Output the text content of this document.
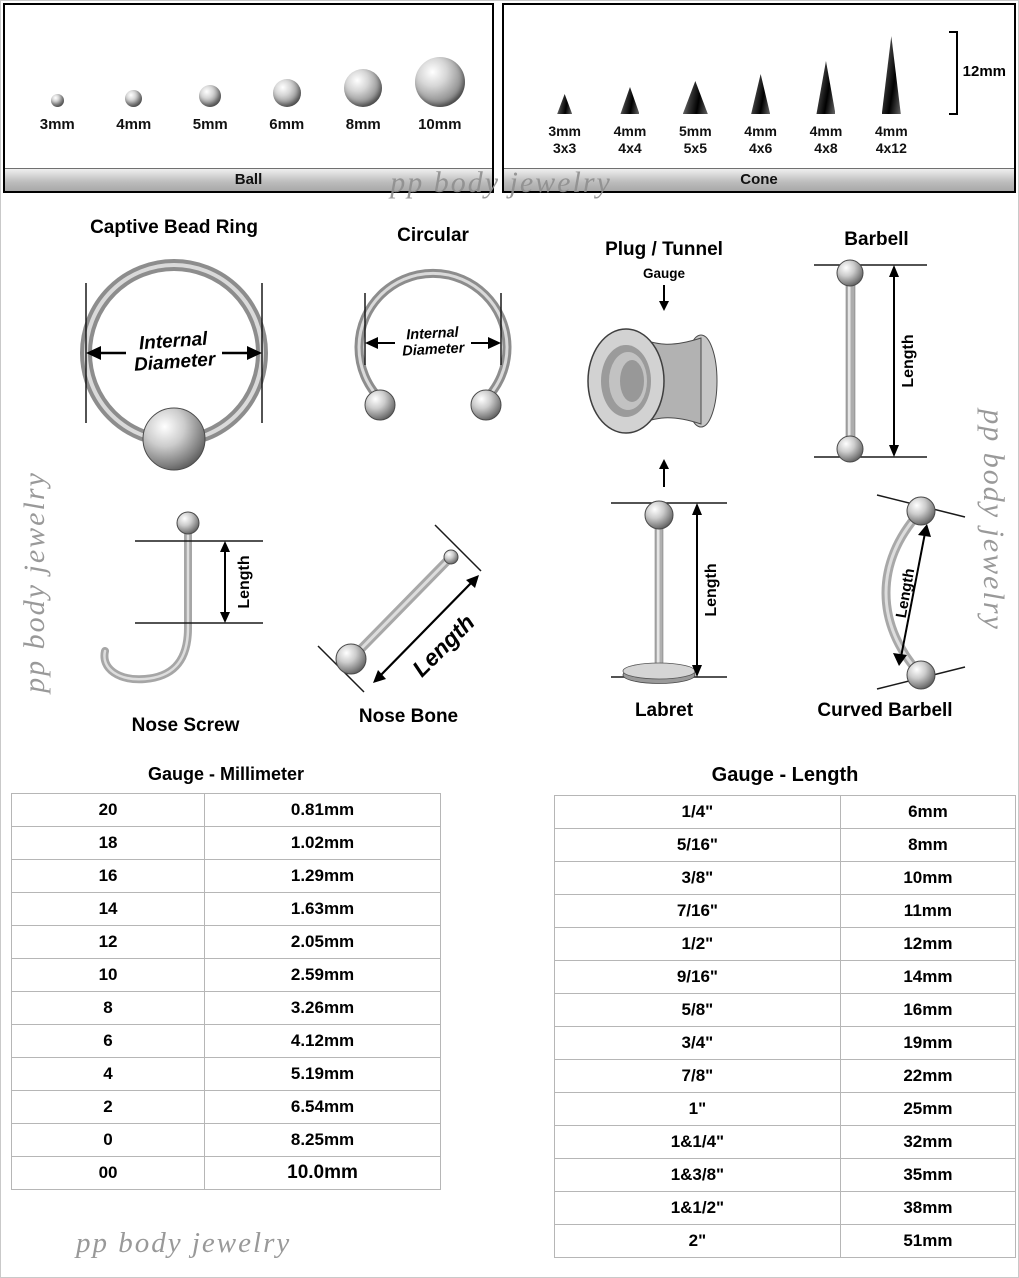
3mm	4mm	5mm	6mm	8mm 10mm
Ball
3mm
3x3
4mm
4x4
5mm
5x5
4mm
4x6
4mm
4x8
4mm
4x12
12mm
Cone
pp body jewelry
pp body jewelry	pp body jewelry
pp body jewelry
Captive Bead Ring
Internal
Diameter
Circular
Internal
Diameter
Plug / Tunnel
Gauge
Barbell
Length
Length
Nose Screw
Length
Nose Bone
Length
Labret
Length
Curved Barbell
Gauge - Millimeter
20	0.81mm
18	1.02mm
16	1.29mm
14	1.63mm
12	2.05mm
10	2.59mm
8	3.26mm
6	4.12mm
4	5.19mm
2	6.54mm
0	8.25mm
00	10.0mm
Gauge - Length
1/4"	6mm
5/16"	8mm
3/8"	10mm
7/16"	11mm
1/2"	12mm
9/16"	14mm
5/8"	16mm
3/4"	19mm
7/8"	22mm
1"	25mm
1&1/4"	32mm
1&3/8"	35mm
1&1/2"	38mm
2"	51mm
